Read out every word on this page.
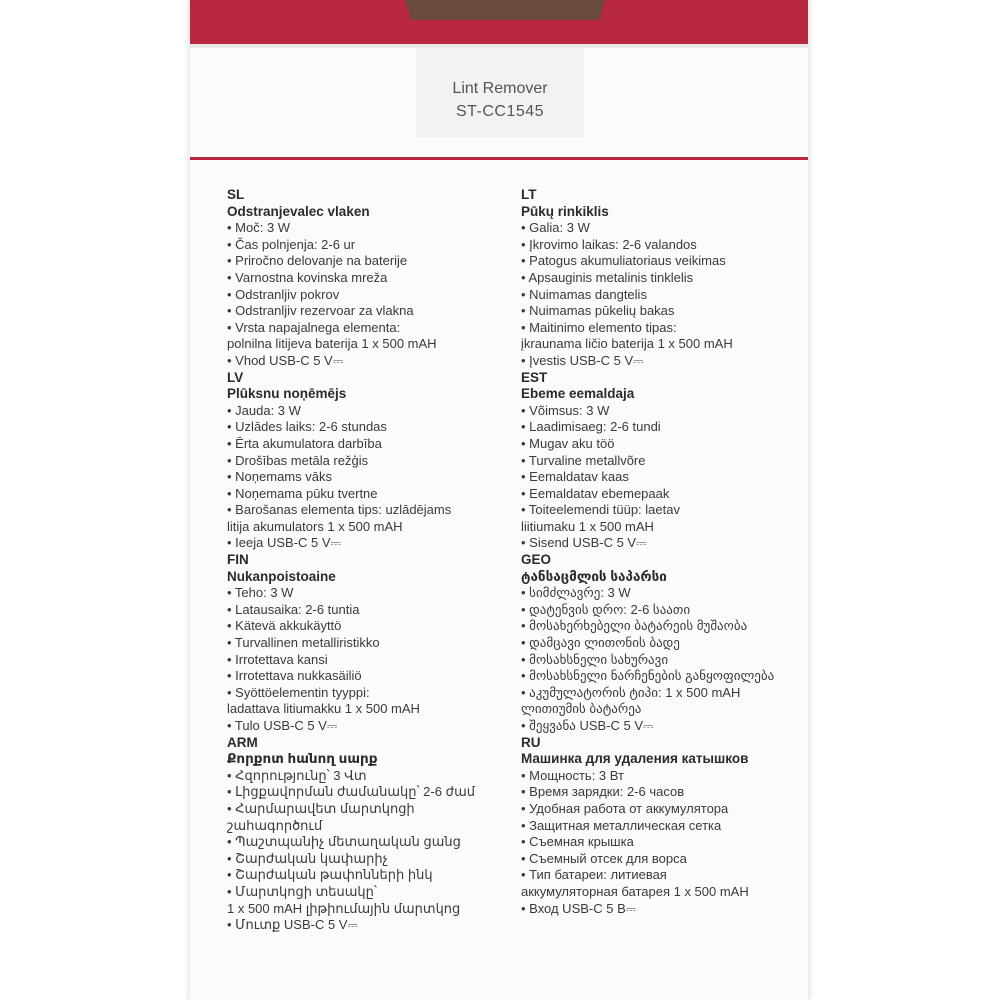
Lint Remover
ST-CC1545
SL
Odstranjevalec vlaken
• Moč: 3 W
• Čas polnjenja: 2-6 ur
• Priročno delovanje na baterije
• Varnostna kovinska mreža
• Odstranljiv pokrov
• Odstranljiv rezervoar za vlakna
• Vrsta napajalnega elementa:
polnilna litijeva baterija 1 x 500 mAH
• Vhod USB-C 5 V⎓
LV
Plūksnu noņēmējs
• Jauda: 3 W
• Uzlādes laiks: 2-6 stundas
• Ērta akumulatora darbība
• Drošības metāla režģis
• Noņemams vāks
• Noņemama pūku tvertne
• Barošanas elementa tips: uzlādējams
litija akumulators 1 x 500 mAH
• Ieeja USB-C 5 V⎓
FIN
Nukanpoistoaine
• Teho: 3 W
• Latausaika: 2-6 tuntia
• Kätevä akkukäyttö
• Turvallinen metalliristikko
• Irrotettava kansi
• Irrotettava nukkasäiliö
• Syöttöelementin tyyppi:
ladattava litiumakku 1 x 500 mAH
• Tulo USB-C 5 V⎓
ARM
Քորքոտ հանող սարք
• Հզորությունը՝ 3 Վտ
• Լիցքավորման ժամանակը՝ 2-6 ժամ
• Հարմարավետ մարտկոցի
շահագործում
• Պաշտպանիչ մետաղական ցանց
• Շարժական կափարիչ
• Շարժական թափոնների ինկ
• Մարտկոցի տեսակը՝
1 x 500 mAH լիթիումային մարտկոց
• Մուտք USB-C 5 V⎓
LT
Pūkų rinkiklis
• Galia: 3 W
• Įkrovimo laikas: 2-6 valandos
• Patogus akumuliatoriaus veikimas
• Apsauginis metalinis tinklelis
• Nuimamas dangtelis
• Nuimamas pūkelių bakas
• Maitinimo elemento tipas:
įkraunama ličio baterija 1 x 500 mAH
• Įvestis USB-C 5 V⎓
EST
Ebeme eemaldaja
• Võimsus: 3 W
• Laadimisaeg: 2-6 tundi
• Mugav aku töö
• Turvaline metallvõre
• Eemaldatav kaas
• Eemaldatav ebemepaak
• Toiteelemendi tüüp: laetav
liitiumaku 1 x 500 mAH
• Sisend USB-C 5 V⎓
GEO
ტანსაცმლის საპარსი
• სიმძლავრე: 3 W
• დატენვის დრო: 2-6 საათი
• მოსახერხებელი ბატარეის მუშაობა
• დამცავი ლითონის ბადე
• მოსახსნელი სახურავი
• მოსახსნელი ნარჩენების განყოფილება
• აკუმულატორის ტიპი: 1 x 500 mAH
ლითიუმის ბატარეა
• შეყვანა USB-C 5 V⎓
RU
Машинка для удаления катышков
• Мощность: 3 Вт
• Время зарядки: 2-6 часов
• Удобная работа от аккумулятора
• Защитная металлическая сетка
• Съемная крышка
• Съемный отсек для ворса
• Тип батареи: литиевая
аккумуляторная батарея 1 x 500 mAH
• Вход USB-C 5 В⎓
